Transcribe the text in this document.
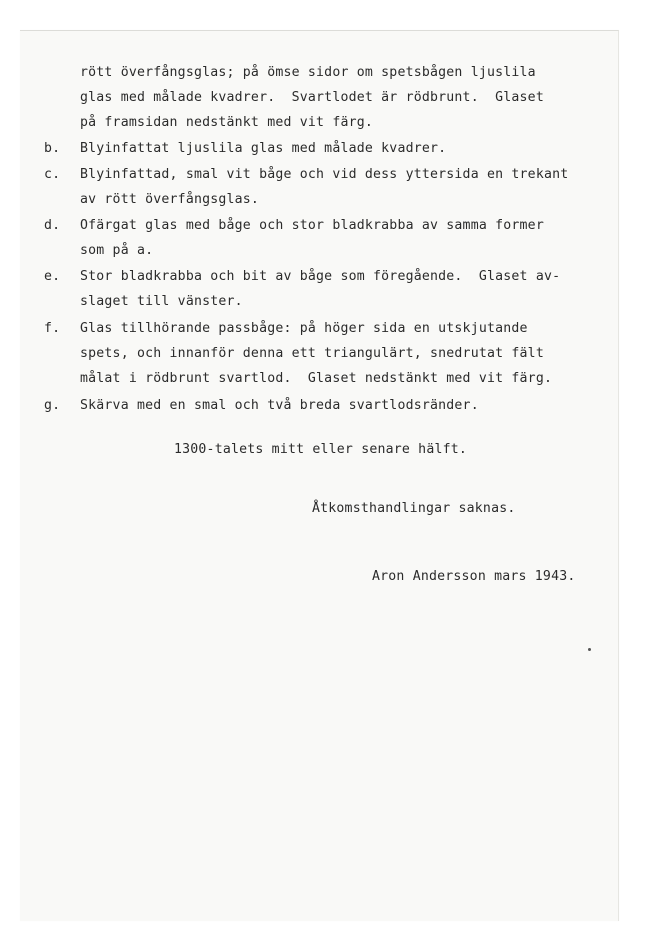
rött överfångsglas; på ömse sidor om spetsbågen ljuslila
glas med målade kvadrer.  Svartlodet är rödbrunt.  Glaset
på framsidan nedstänkt med vit färg.
b. Blyinfattat ljuslila glas med målade kvadrer.
c. Blyinfattad, smal vit båge och vid dess yttersida en trekant
av rött överfångsglas.
d. Ofärgat glas med båge och stor bladkrabba av samma former
som på a.
e. Stor bladkrabba och bit av båge som föregående.  Glaset av-
slaget till vänster.
f. Glas tillhörande passbåge: på höger sida en utskjutande
spets, och innanför denna ett triangulärt, snedrutat fält
målat i rödbrunt svartlod.  Glaset nedstänkt med vit färg.
g. Skärva med en smal och två breda svartlodsränder.
1300-talets mitt eller senare hälft.
Åtkomsthandlingar saknas.
Aron Andersson mars 1943.
